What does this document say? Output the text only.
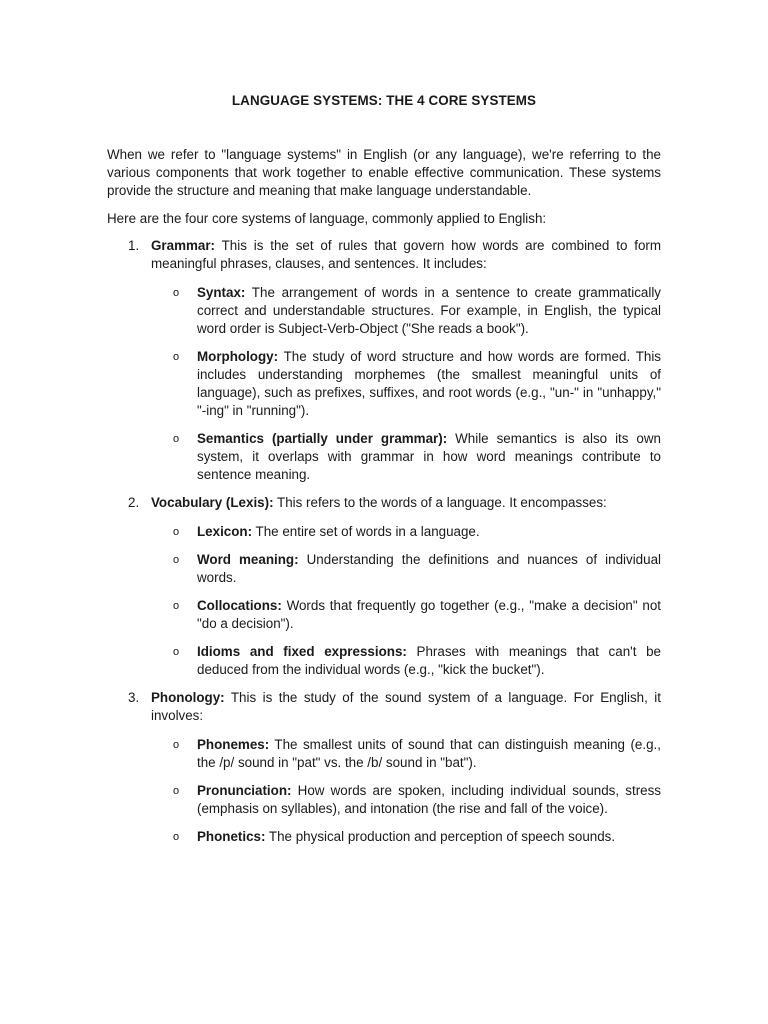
LANGUAGE SYSTEMS: THE 4 CORE SYSTEMS

When we refer to "language systems" in English (or any language), we're referring to the various components that work together to enable effective communication. These systems provide the structure and meaning that make language understandable.

Here are the four core systems of language, commonly applied to English:

1. Grammar: This is the set of rules that govern how words are combined to form meaningful phrases, clauses, and sentences. It includes:
o Syntax: The arrangement of words in a sentence to create grammatically correct and understandable structures. For example, in English, the typical word order is Subject-Verb-Object ("She reads a book").
o Morphology: The study of word structure and how words are formed. This includes understanding morphemes (the smallest meaningful units of language), such as prefixes, suffixes, and root words (e.g., "un-" in "unhappy," "-ing" in "running").
o Semantics (partially under grammar): While semantics is also its own system, it overlaps with grammar in how word meanings contribute to sentence meaning.
2. Vocabulary (Lexis): This refers to the words of a language. It encompasses:
o Lexicon: The entire set of words in a language.
o Word meaning: Understanding the definitions and nuances of individual words.
o Collocations: Words that frequently go together (e.g., "make a decision" not "do a decision").
o Idioms and fixed expressions: Phrases with meanings that can't be deduced from the individual words (e.g., "kick the bucket").
3. Phonology: This is the study of the sound system of a language. For English, it involves:
o Phonemes: The smallest units of sound that can distinguish meaning (e.g., the /p/ sound in "pat" vs. the /b/ sound in "bat").
o Pronunciation: How words are spoken, including individual sounds, stress (emphasis on syllables), and intonation (the rise and fall of the voice).
o Phonetics: The physical production and perception of speech sounds.
